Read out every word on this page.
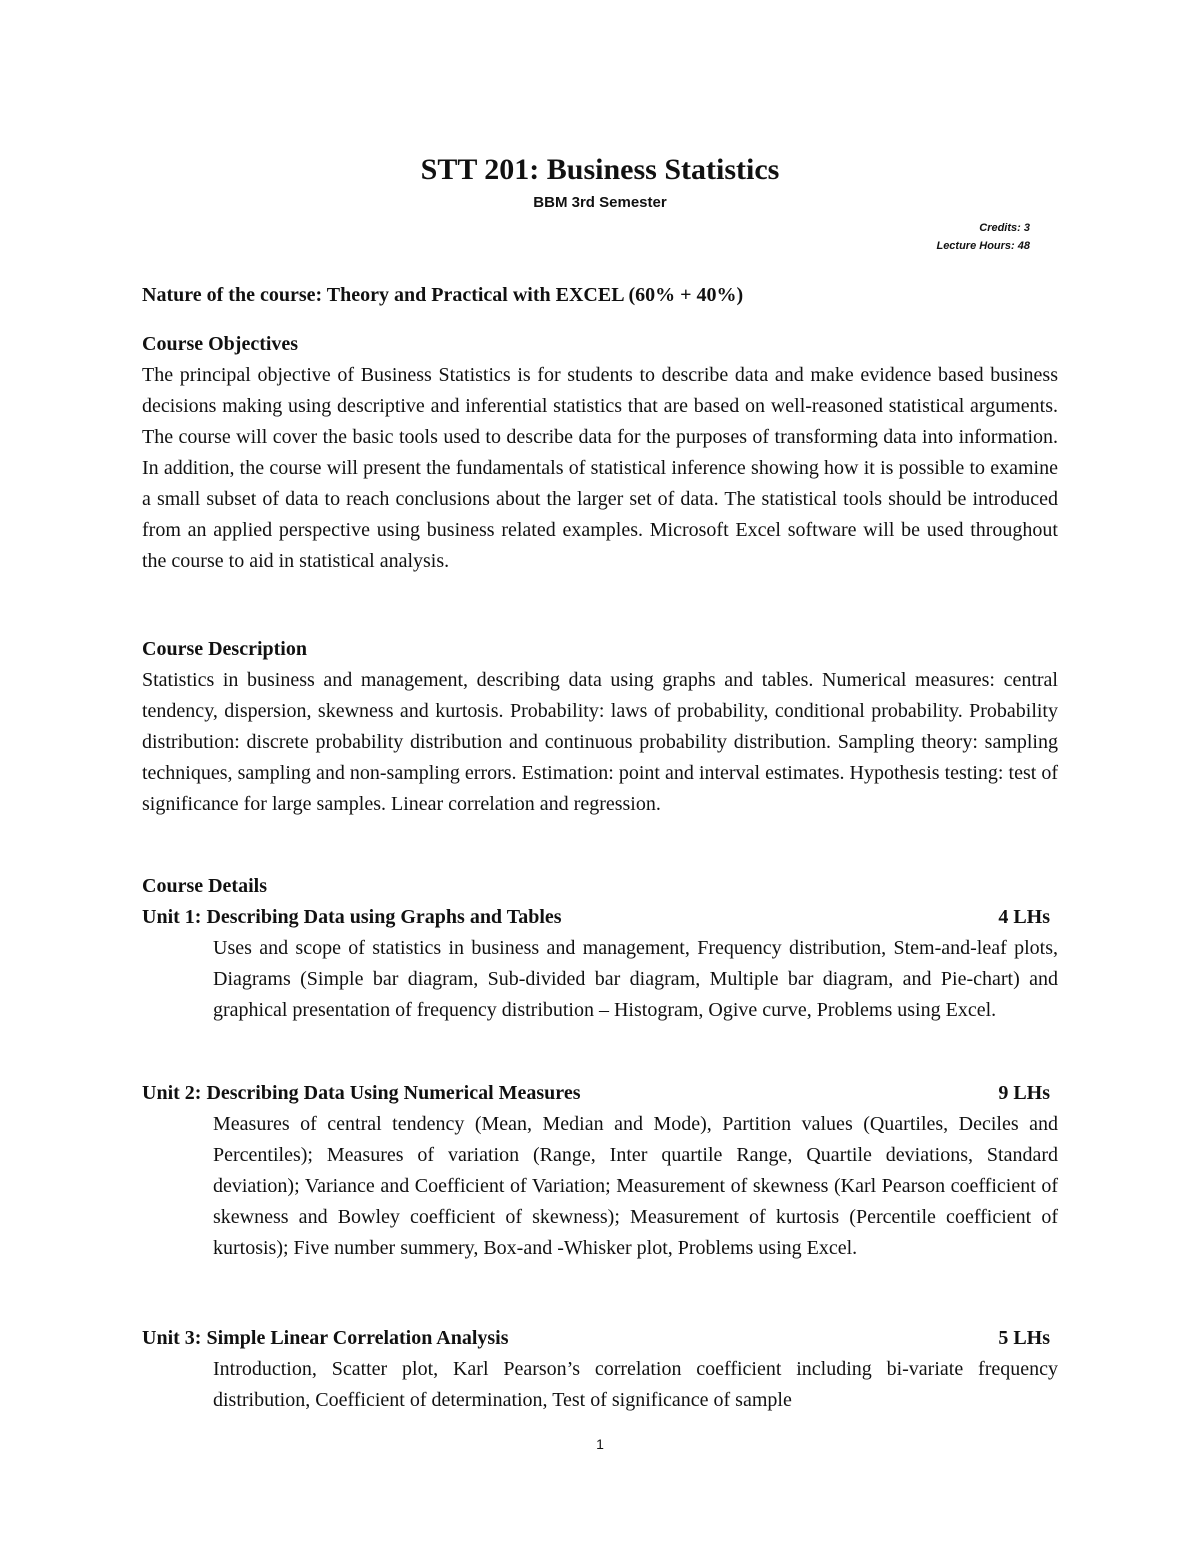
STT 201: Business Statistics
BBM 3rd Semester
Credits: 3
Lecture Hours: 48
Nature of the course: Theory and Practical with EXCEL (60% + 40%)
Course Objectives

The principal objective of Business Statistics is for students to describe data and make evidence based business decisions making using descriptive and inferential statistics that are based on well-reasoned statistical arguments. The course will cover the basic tools used to describe data for the purposes of transforming data into information. In addition, the course will present the fundamentals of statistical inference showing how it is possible to examine a small subset of data to reach conclusions about the larger set of data. The statistical tools should be introduced from an applied perspective using business related examples. Microsoft Excel software will be used throughout the course to aid in statistical analysis.

Course Description

Statistics in business and management, describing data using graphs and tables. Numerical measures: central tendency, dispersion, skewness and kurtosis. Probability: laws of probability, conditional probability. Probability distribution: discrete probability distribution and continuous probability distribution. Sampling theory: sampling techniques, sampling and non-sampling errors. Estimation: point and interval estimates. Hypothesis testing: test of significance for large samples. Linear correlation and regression.

Course Details
Unit 1: Describing Data using Graphs and Tables	4 LHs
Uses and scope of statistics in business and management, Frequency distribution, Stem-and-leaf plots, Diagrams (Simple bar diagram, Sub-divided bar diagram, Multiple bar diagram, and Pie-chart) and graphical presentation of frequency distribution – Histogram, Ogive curve, Problems using Excel.
Unit 2: Describing Data Using Numerical Measures	9 LHs
Measures of central tendency (Mean, Median and Mode), Partition values (Quartiles, Deciles and Percentiles); Measures of variation (Range, Inter quartile Range, Quartile deviations, Standard deviation); Variance and Coefficient of Variation; Measurement of skewness (Karl Pearson coefficient of skewness and Bowley coefficient of skewness); Measurement of kurtosis (Percentile coefficient of kurtosis); Five number summery, Box-and -Whisker plot, Problems using Excel.
Unit 3: Simple Linear Correlation Analysis	5 LHs
Introduction, Scatter plot, Karl Pearson’s correlation coefficient including bi-variate frequency distribution, Coefficient of determination, Test of significance of sample
1
